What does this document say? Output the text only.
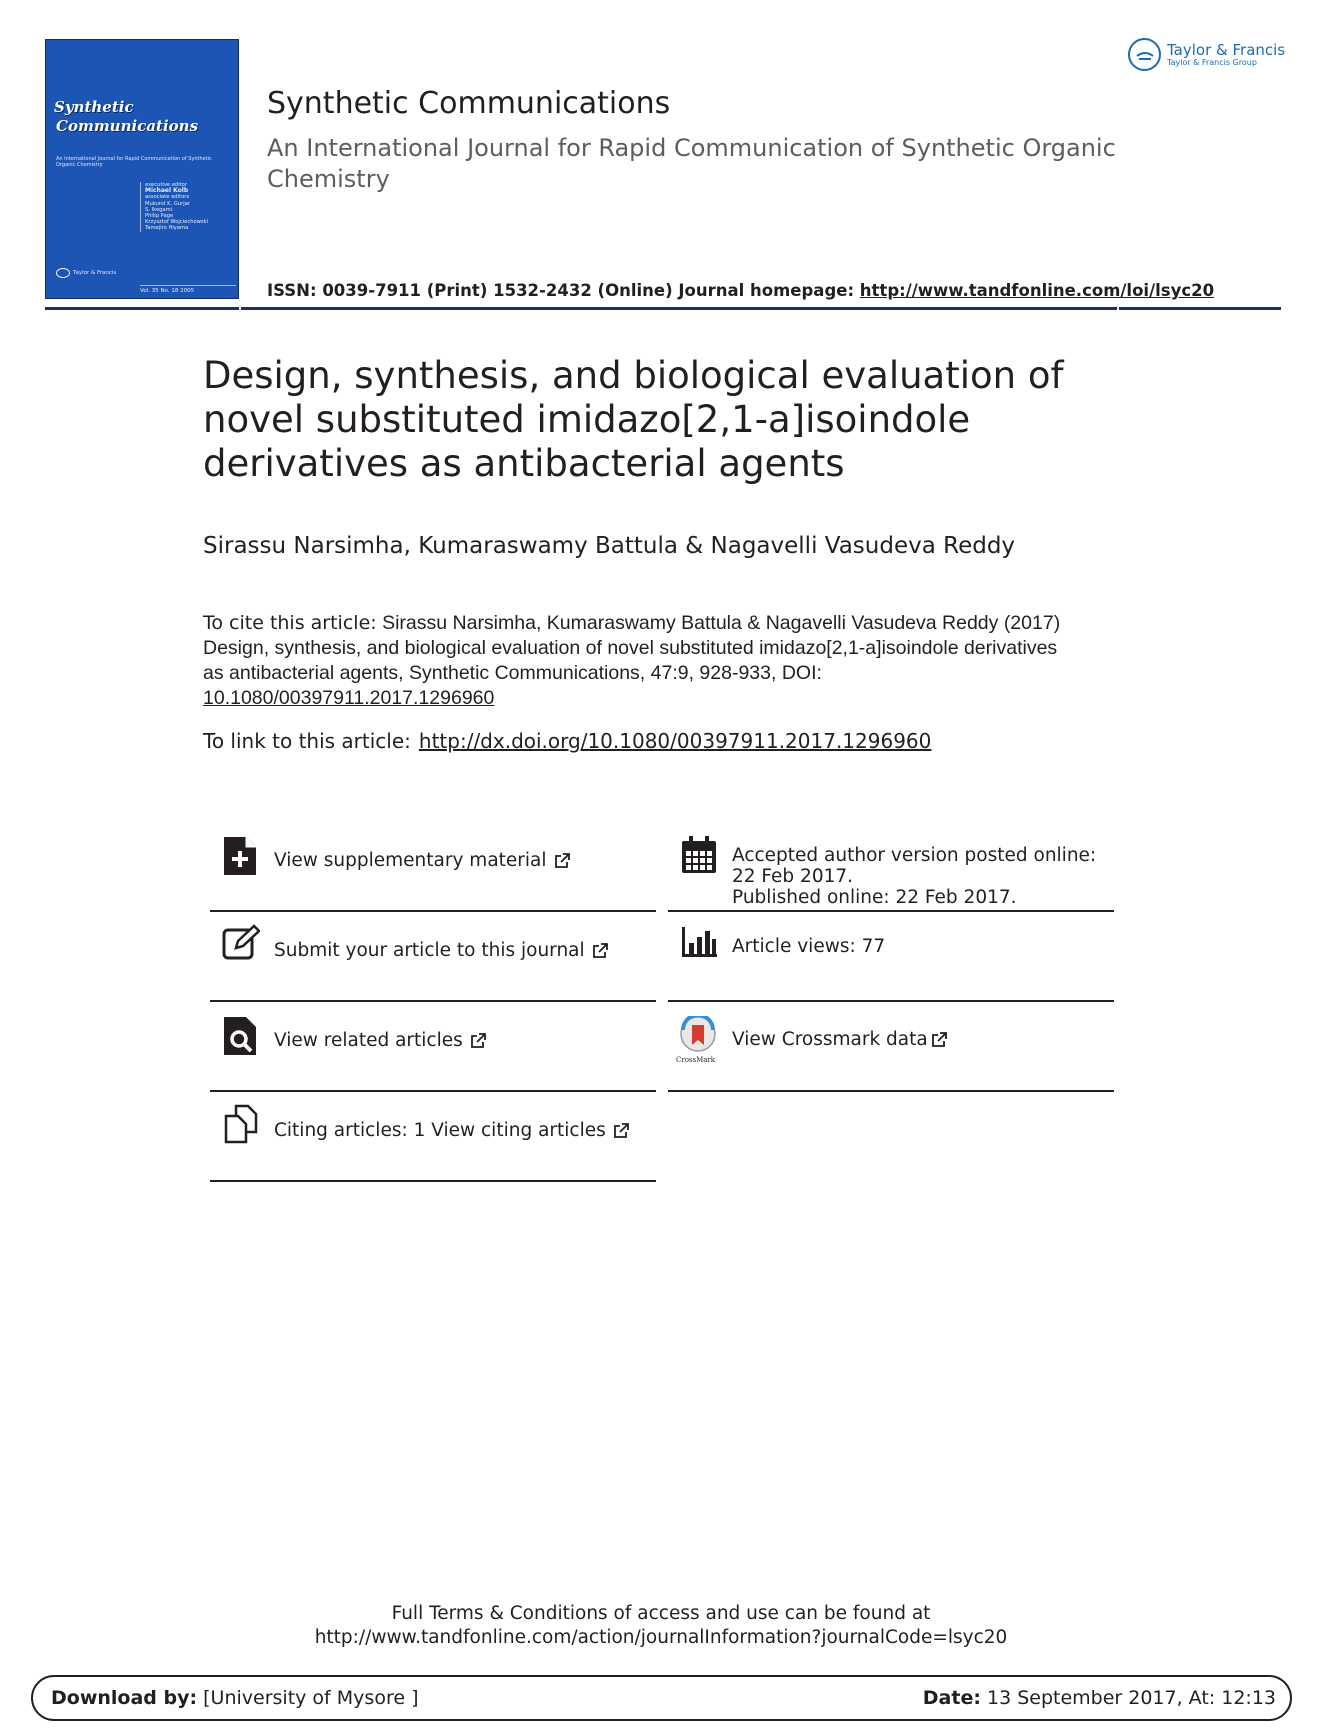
Synthetic
Communications
An International Journal for Rapid Communication of Synthetic Organic Chemistry
executive editor
Michael Kolb
associate editors
Mukund K. Gurjar
S. Ikegami
Philip Page
Krzysztof Wojciechowski
Tamejiro Hiyama
Taylor & Francis
Vol. 35 No. 18 2005
Synthetic Communications
An International Journal for Rapid Communication of Synthetic Organic Chemistry
ISSN: 0039-7911 (Print) 1532-2432 (Online) Journal homepage: http://www.tandfonline.com/loi/lsyc20
Taylor & Francis
Taylor & Francis Group
Design, synthesis, and biological evaluation of novel substituted imidazo[2,1-a]isoindole derivatives as antibacterial agents
Sirassu Narsimha, Kumaraswamy Battula & Nagavelli Vasudeva Reddy
To cite this article: Sirassu Narsimha, Kumaraswamy Battula & Nagavelli Vasudeva Reddy (2017) Design, synthesis, and biological evaluation of novel substituted imidazo[2,1-a]isoindole derivatives as antibacterial agents, Synthetic Communications, 47:9, 928-933, DOI: 10.1080/00397911.2017.1296960
To link to this article: http://dx.doi.org/10.1080/00397911.2017.1296960
View supplementary material
Submit your article to this journal
View related articles
Citing articles: 1 View citing articles
Accepted author version posted online: 22 Feb 2017.
Published online: 22 Feb 2017.
Article views: 77
CrossMark
View Crossmark data
Full Terms & Conditions of access and use can be found at
http://www.tandfonline.com/action/journalInformation?journalCode=lsyc20
Download by: [University of Mysore ]	Date: 13 September 2017, At: 12:13
